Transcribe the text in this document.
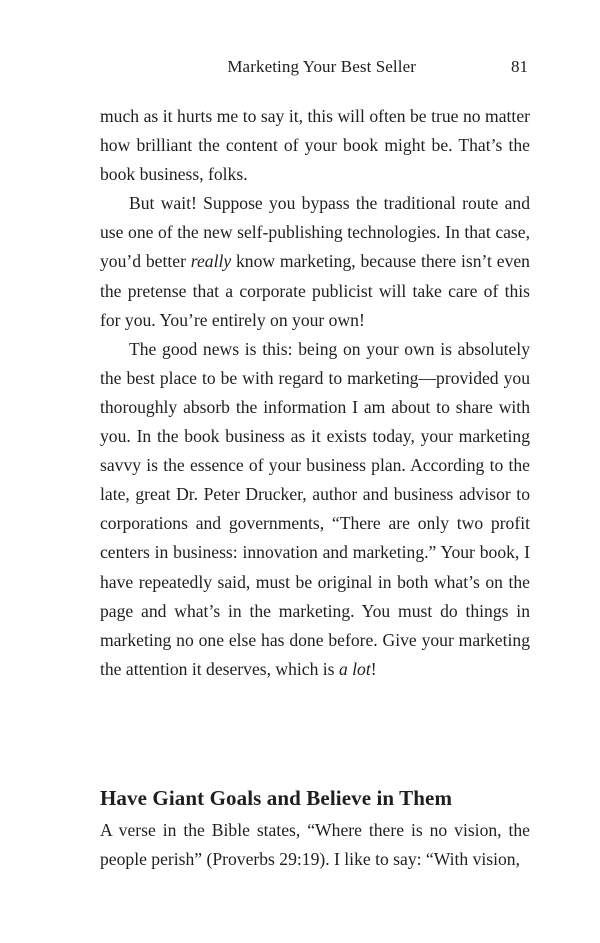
Marketing Your Best Seller	81

much as it hurts me to say it, this will often be true no matter how brilliant the content of your book might be. That’s the book business, folks.

But wait! Suppose you bypass the traditional route and use one of the new self-publishing technologies. In that case, you’d better really know marketing, because there isn’t even the pretense that a corporate publicist will take care of this for you. You’re entirely on your own!

The good news is this: being on your own is absolutely the best place to be with regard to marketing—provided you thoroughly absorb the information I am about to share with you. In the book business as it exists today, your marketing savvy is the essence of your business plan. According to the late, great Dr. Peter Drucker, author and business advisor to corporations and governments, “There are only two profit centers in business: innovation and marketing.” Your book, I have repeatedly said, must be original in both what’s on the page and what’s in the marketing. You must do things in marketing no one else has done before. Give your marketing the attention it deserves, which is a lot!

Have Giant Goals and Believe in Them

A verse in the Bible states, “Where there is no vision, the people perish” (Proverbs 29:19). I like to say: “With vision,
